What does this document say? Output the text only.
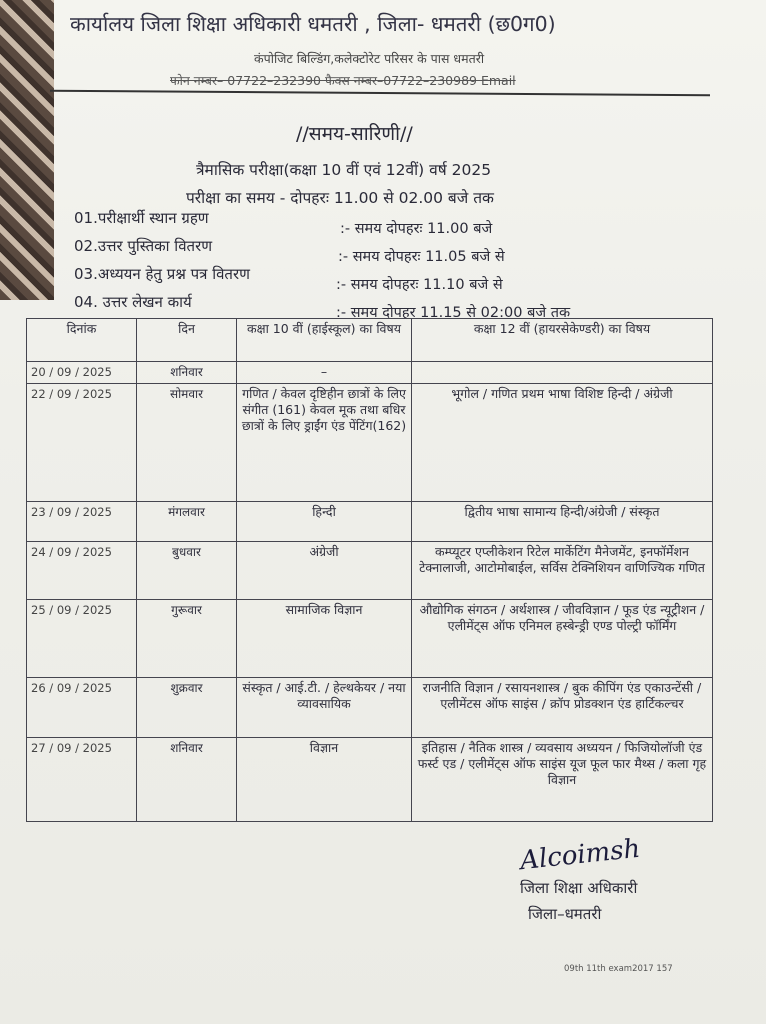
कार्यालय जिला शिक्षा अधिकारी धमतरी , जिला- धमतरी (छ0ग0)
कंपोजिट बिल्डिंग,कलेक्टोरेट परिसर के पास धमतरी
फोन नम्बर– 07722–232390 फैक्स नम्बर–07722–230989 Email
//समय-सारिणी//
त्रैमासिक परीक्षा(कक्षा 10 वीं एवं 12वीं) वर्ष 2025
परीक्षा का समय - दोपहरः 11.00 से 02.00 बजे तक
01.परीक्षार्थी स्थान ग्रहण
:- समय दोपहरः 11.00 बजे
02.उत्तर पुस्तिका वितरण
:- समय दोपहरः 11.05 बजे से
03.अध्ययन हेतु प्रश्न पत्र वितरण
:- समय दोपहरः 11.10 बजे से
04. उत्तर लेखन कार्य
:- समय दोपहर 11.15 से 02:00 बजे तक
दिनांक	दिन	कक्षा 10 वीं (हाईस्कूल) का विषय	कक्षा 12 वीं (हायरसेकेण्डरी) का विषय
20 / 09 / 2025	शनिवार	–	
22 / 09 / 2025	सोमवार	गणित / केवल दृष्टिहीन छात्रों के लिए संगीत (161) केवल मूक तथा बधिर छात्रों के लिए ड्राईंग एंड पेंटिंग(162)	भूगोल / गणित प्रथम भाषा विशिष्ट हिन्दी / अंग्रेजी
23 / 09 / 2025	मंगलवार	हिन्दी	द्वितीय भाषा सामान्य हिन्दी/अंग्रेजी / संस्कृत
24 / 09 / 2025	बुधवार	अंग्रेजी	कम्प्यूटर एप्लीकेशन रिटेल मार्केटिंग मैनेजमेंट, इनफॉर्मेशन टेक्नालाजी, आटोमोबाईल, सर्विस टेक्निशियन वाणिज्यिक गणित
25 / 09 / 2025	गुरूवार	सामाजिक विज्ञान	औद्योगिक संगठन / अर्थशास्त्र / जीवविज्ञान / फूड एंड न्यूट्रीशन / एलीमेंट्स ऑफ एनिमल हस्बेन्ड्री एण्ड पोल्ट्री फॉर्मिंग
26 / 09 / 2025	शुक्रवार	संस्कृत / आई.टी. / हेल्थकेयर / नया व्यावसायिक	राजनीति विज्ञान / रसायनशास्त्र / बुक कीपिंग एंड एकाउन्टेंसी / एलीमेंटस ऑफ साइंस / क्रॉप प्रोडक्शन एंड हार्टिकल्चर
27 / 09 / 2025	शनिवार	विज्ञान	इतिहास / नैतिक शास्त्र / व्यवसाय अध्ययन / फिजियोलॉजी एंड फर्स्ट एड / एलीमेंट्स ऑफ साइंस यूज फूल फार मैथ्स / कला गृह विज्ञान
Alcoimsh
जिला शिक्षा अधिकारी
जिला–धमतरी
09th 11th exam2017 157
